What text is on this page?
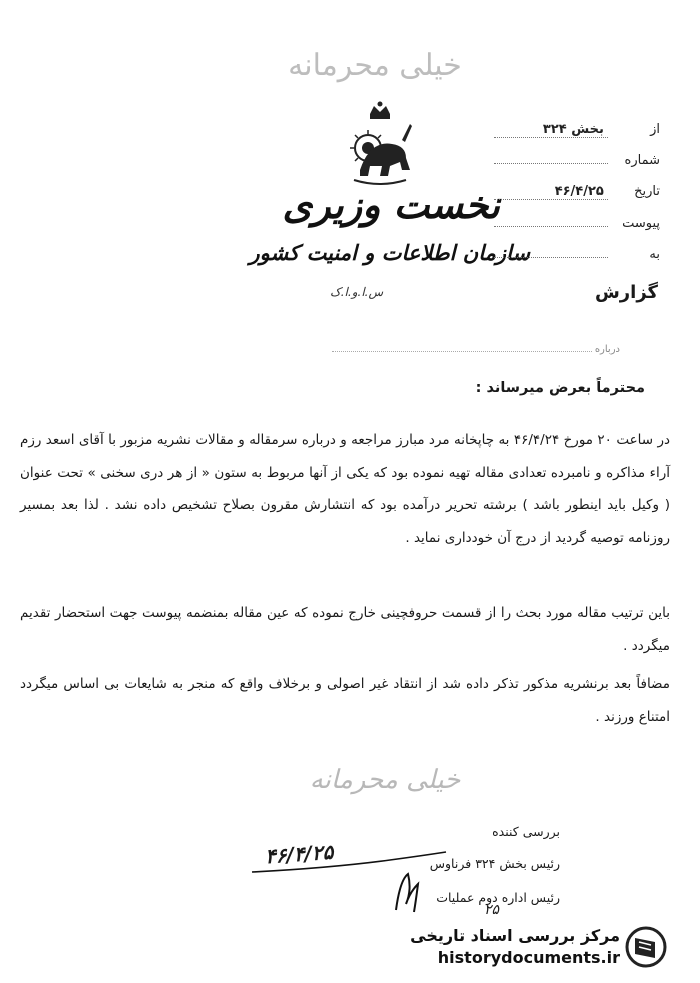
خیلی محرمانه
نخست وزیری
سازمان اطلاعات و امنیت کشور
س.ا.و.ا.ک
از بخش ۳۲۴
شماره
تاریخ ۴۶/۴/۲۵
پیوست
به
گزارش
درباره
محترماً بعرض میرساند :
در ساعت ۲۰ مورخ ۴۶/۴/۲۴ به چاپخانه مرد مبارز مراجعه و درباره سرمقاله و مقالات نشریه مزبور با آقای اسعد رزم آراء مذاکره و نامبرده تعدادی مقاله تهیه نموده بود که یکی از آنها مربوط به ستون « از هر دری سخنی » تحت عنوان ( وکیل باید اینطور باشد ) برشته تحریر درآمده بود که انتشارش مقرون بصلاح تشخیص داده نشد . لذا بعد بمسیر روزنامه توصیه گردید از درج آن خودداری نماید .
باین ترتیب مقاله مورد بحث را از قسمت حروفچینی خارج نموده که عین مقاله بمنضمه پیوست جهت استحضار تقدیم میگردد .
مضافاً بعد برنشریه مذکور تذکر داده شد از انتقاد غیر اصولی و برخلاف واقع که منجر به شایعات بی اساس میگردد امتناع ورزند .
خیلی محرمانه
بررسی کننده
رئیس بخش ۳۲۴ فرناوس
رئیس اداره دوم عملیات
۴۶/۴/۲۵
۲۵
مرکز بررسی اسناد تاریخی
historydocuments.ir
